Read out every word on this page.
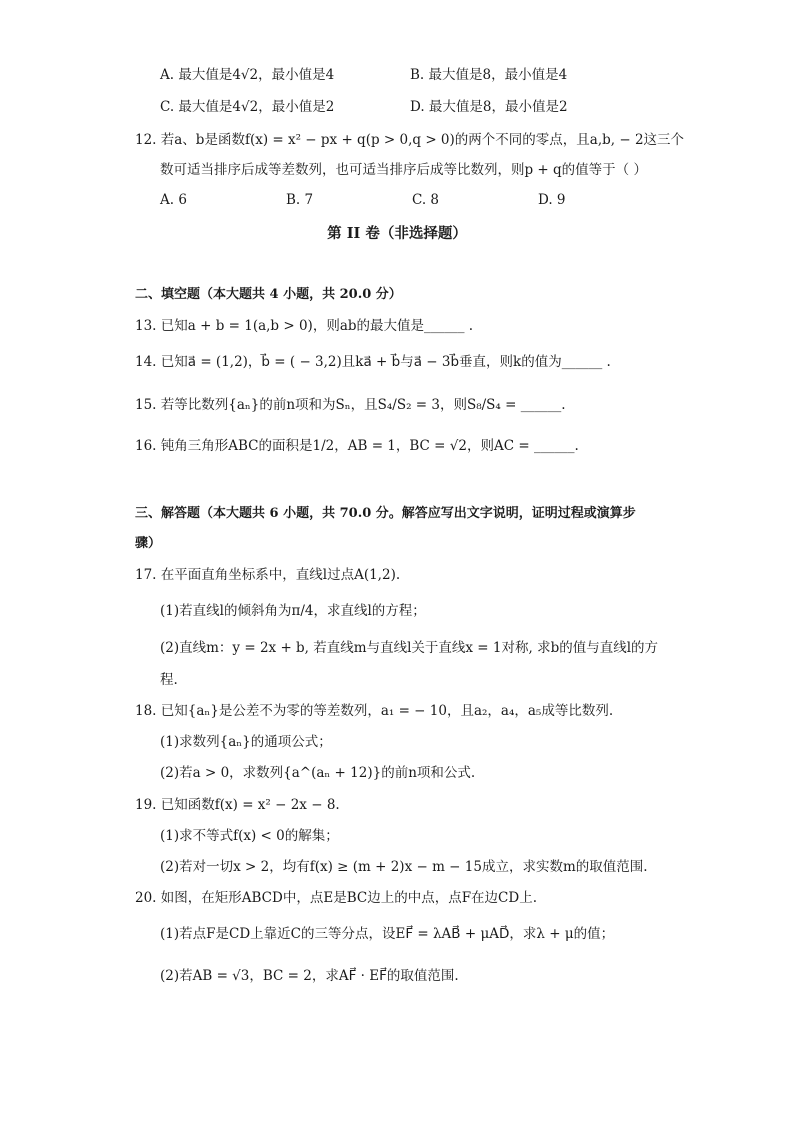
A. 最大值是4√2，最小值是4	B. 最大值是8，最小值是4
C. 最大值是4√2，最小值是2	D. 最大值是8，最小值是2
12. 若a、b是函数f(x) = x² − px + q(p > 0,q > 0)的两个不同的零点，且a,b, − 2这三个
数可适当排序后成等差数列，也可适当排序后成等比数列，则p + q的值等于（ ）
A. 6	B. 7	C. 8	D. 9
第 II 卷（非选择题）
二、填空题（本大题共 4 小题，共 20.0 分）
13. 已知a + b = 1(a,b > 0)，则ab的最大值是______ .
14. 已知a⃗ = (1,2)，b⃗ = ( − 3,2)且ka⃗ + b⃗与a⃗ − 3b⃗垂直，则k的值为______ .
15. 若等比数列{aₙ}的前n项和为Sₙ，且S₄/S₂ = 3，则S₈/S₄ = ______.
16. 钝角三角形ABC的面积是1/2，AB = 1，BC = √2，则AC = ______.
三、解答题（本大题共 6 小题，共 70.0 分。解答应写出文字说明，证明过程或演算步
骤）
17. 在平面直角坐标系中，直线l过点A(1,2).
(1)若直线l的倾斜角为π/4，求直线l的方程；
(2)直线m：y = 2x + b, 若直线m与直线l关于直线x = 1对称, 求b的值与直线l的方
程.
18. 已知{aₙ}是公差不为零的等差数列，a₁ = − 10，且a₂，a₄，a₅成等比数列.
(1)求数列{aₙ}的通项公式；
(2)若a > 0，求数列{a^(aₙ + 12)}的前n项和公式.
19. 已知函数f(x) = x² − 2x − 8.
(1)求不等式f(x) < 0的解集；
(2)若对一切x > 2，均有f(x) ≥ (m + 2)x − m − 15成立，求实数m的取值范围.
20. 如图，在矩形ABCD中，点E是BC边上的中点，点F在边CD上.
(1)若点F是CD上靠近C的三等分点，设EF⃗ = λAB⃗ + μAD⃗，求λ + μ的值；
(2)若AB = √3，BC = 2，求AF⃗ · EF⃗的取值范围.
